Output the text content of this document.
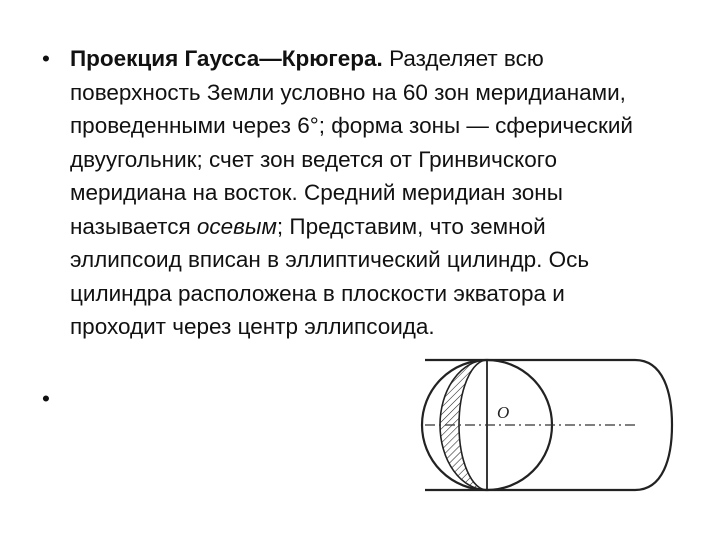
• Проекция Гаусса—Крюгера. Разделяет всю поверхность Земли условно на 60 зон меридианами, проведенными через 6°; форма зоны — сферический двуугольник; счет зон ведется от Гринвичского меридиана на восток. Средний меридиан зоны называется осевым; Представим, что земной эллипсоид вписан в эллиптический цилиндр. Ось цилиндра расположена в плоскости экватора и проходит через центр эллипсоида.
•
O
